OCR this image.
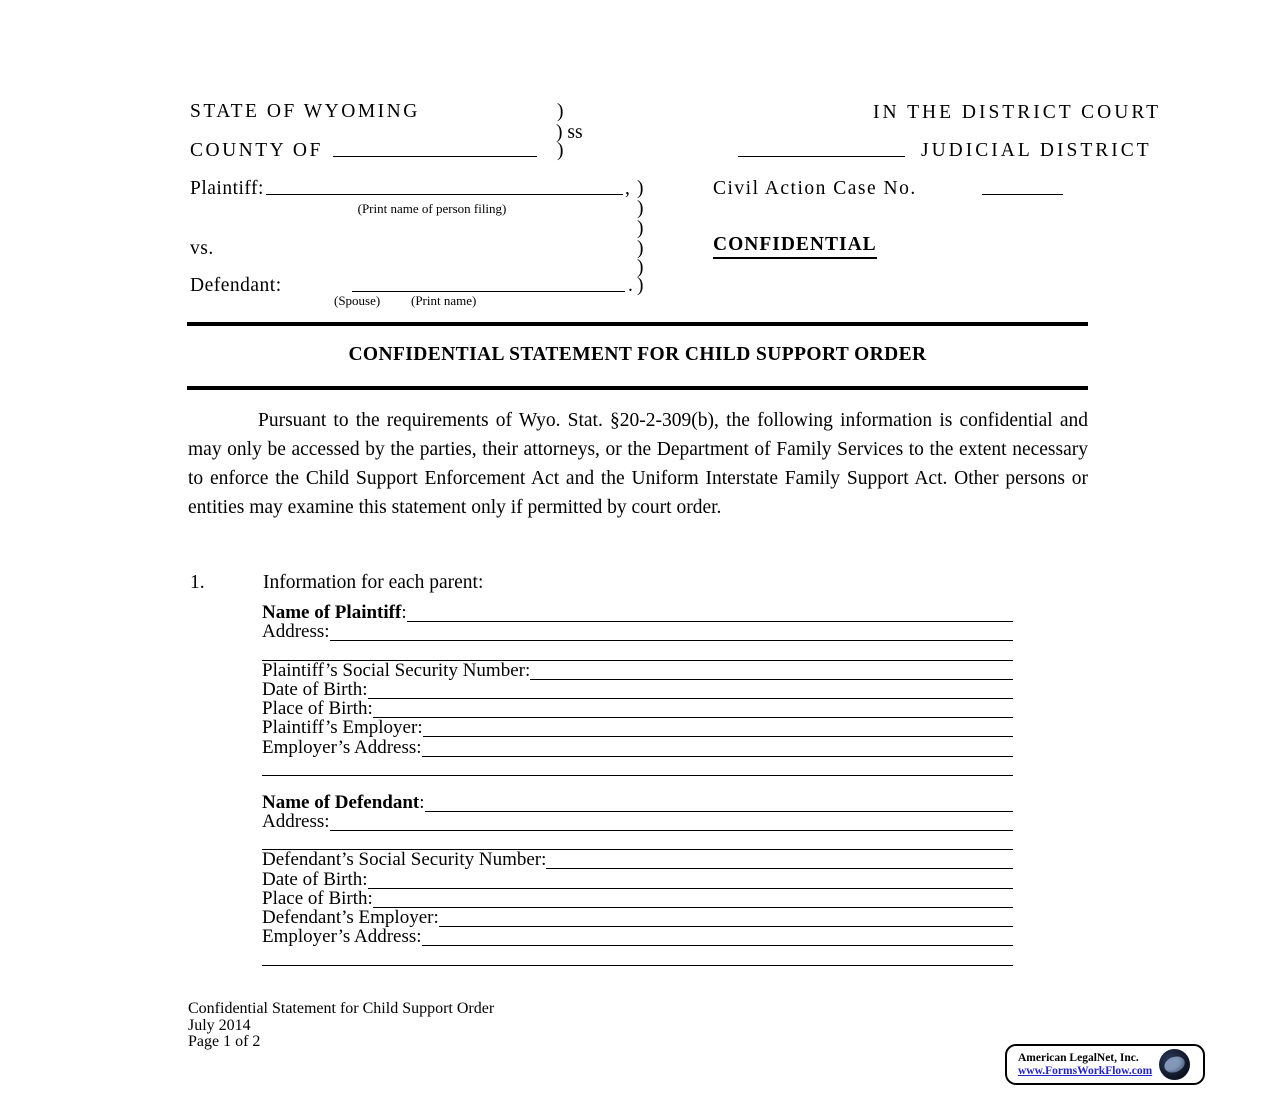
STATE OF WYOMING	)
) ss
COUNTY OF	)
IN THE DISTRICT COURT
JUDICIAL DISTRICT
Civil Action Case No.
CONFIDENTIAL
Plaintiff:	,
(Print name of person filing)
vs.
Defendant:	.
(Spouse) (Print name)
)
)
)
)
)
)
CONFIDENTIAL STATEMENT FOR CHILD SUPPORT ORDER
Pursuant to the requirements of Wyo. Stat. §20-2-309(b), the following information is confidential and may only be accessed by the parties, their attorneys, or the Department of Family Services to the extent necessary to enforce the Child Support Enforcement Act and the Uniform Interstate Family Support Act. Other persons or entities may examine this statement only if permitted by court order.
1.	Information for each parent:
Name of Plaintiff:
Address:
Plaintiff’s Social Security Number:
Date of Birth:
Place of Birth:
Plaintiff’s Employer:
Employer’s Address:
Name of Defendant:
Address:
Defendant’s Social Security Number:
Date of Birth:
Place of Birth:
Defendant’s Employer:
Employer’s Address:
Confidential Statement for Child Support Order
July 2014
Page 1 of 2
American LegalNet, Inc.
www.FormsWorkFlow.com
